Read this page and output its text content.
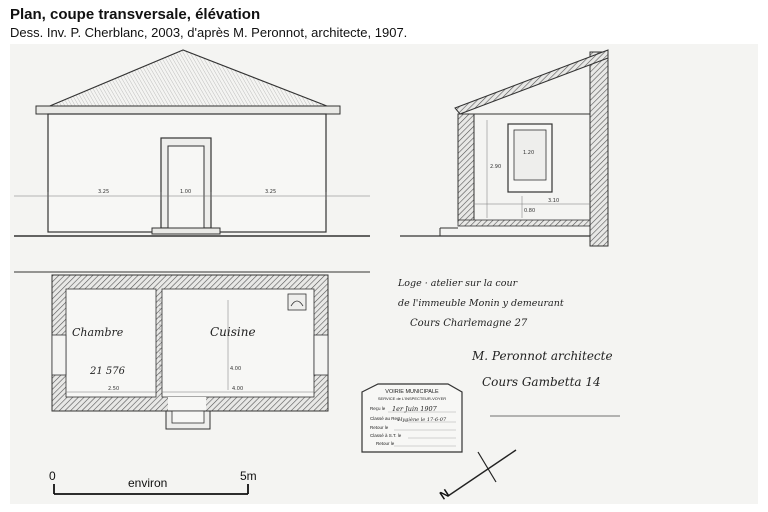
Plan, coupe transversale, élévation
Dess. Inv. P. Cherblanc, 2003, d'après M. Peronnot, architecte, 1907.
3.25	1.00	3.25
2.90
1.20
0.80
3.10
2.50	4.00
4.00
Chambre
21 576
Cuisine
Loge · atelier sur la cour
de l'immeuble Monin y demeurant
Cours Charlemagne 27
M. Peronnot architecte
Cours Gambetta 14
VOIRIE MUNICIPALE
SERVICE de L'INSPECTEUR-VOYER
Reçu le 1er Juin 1907
Classé au Reg
Hygiène le 17-6-07
Retour le
Classé à S.T. le
Retour le
N
0	5m
environ
